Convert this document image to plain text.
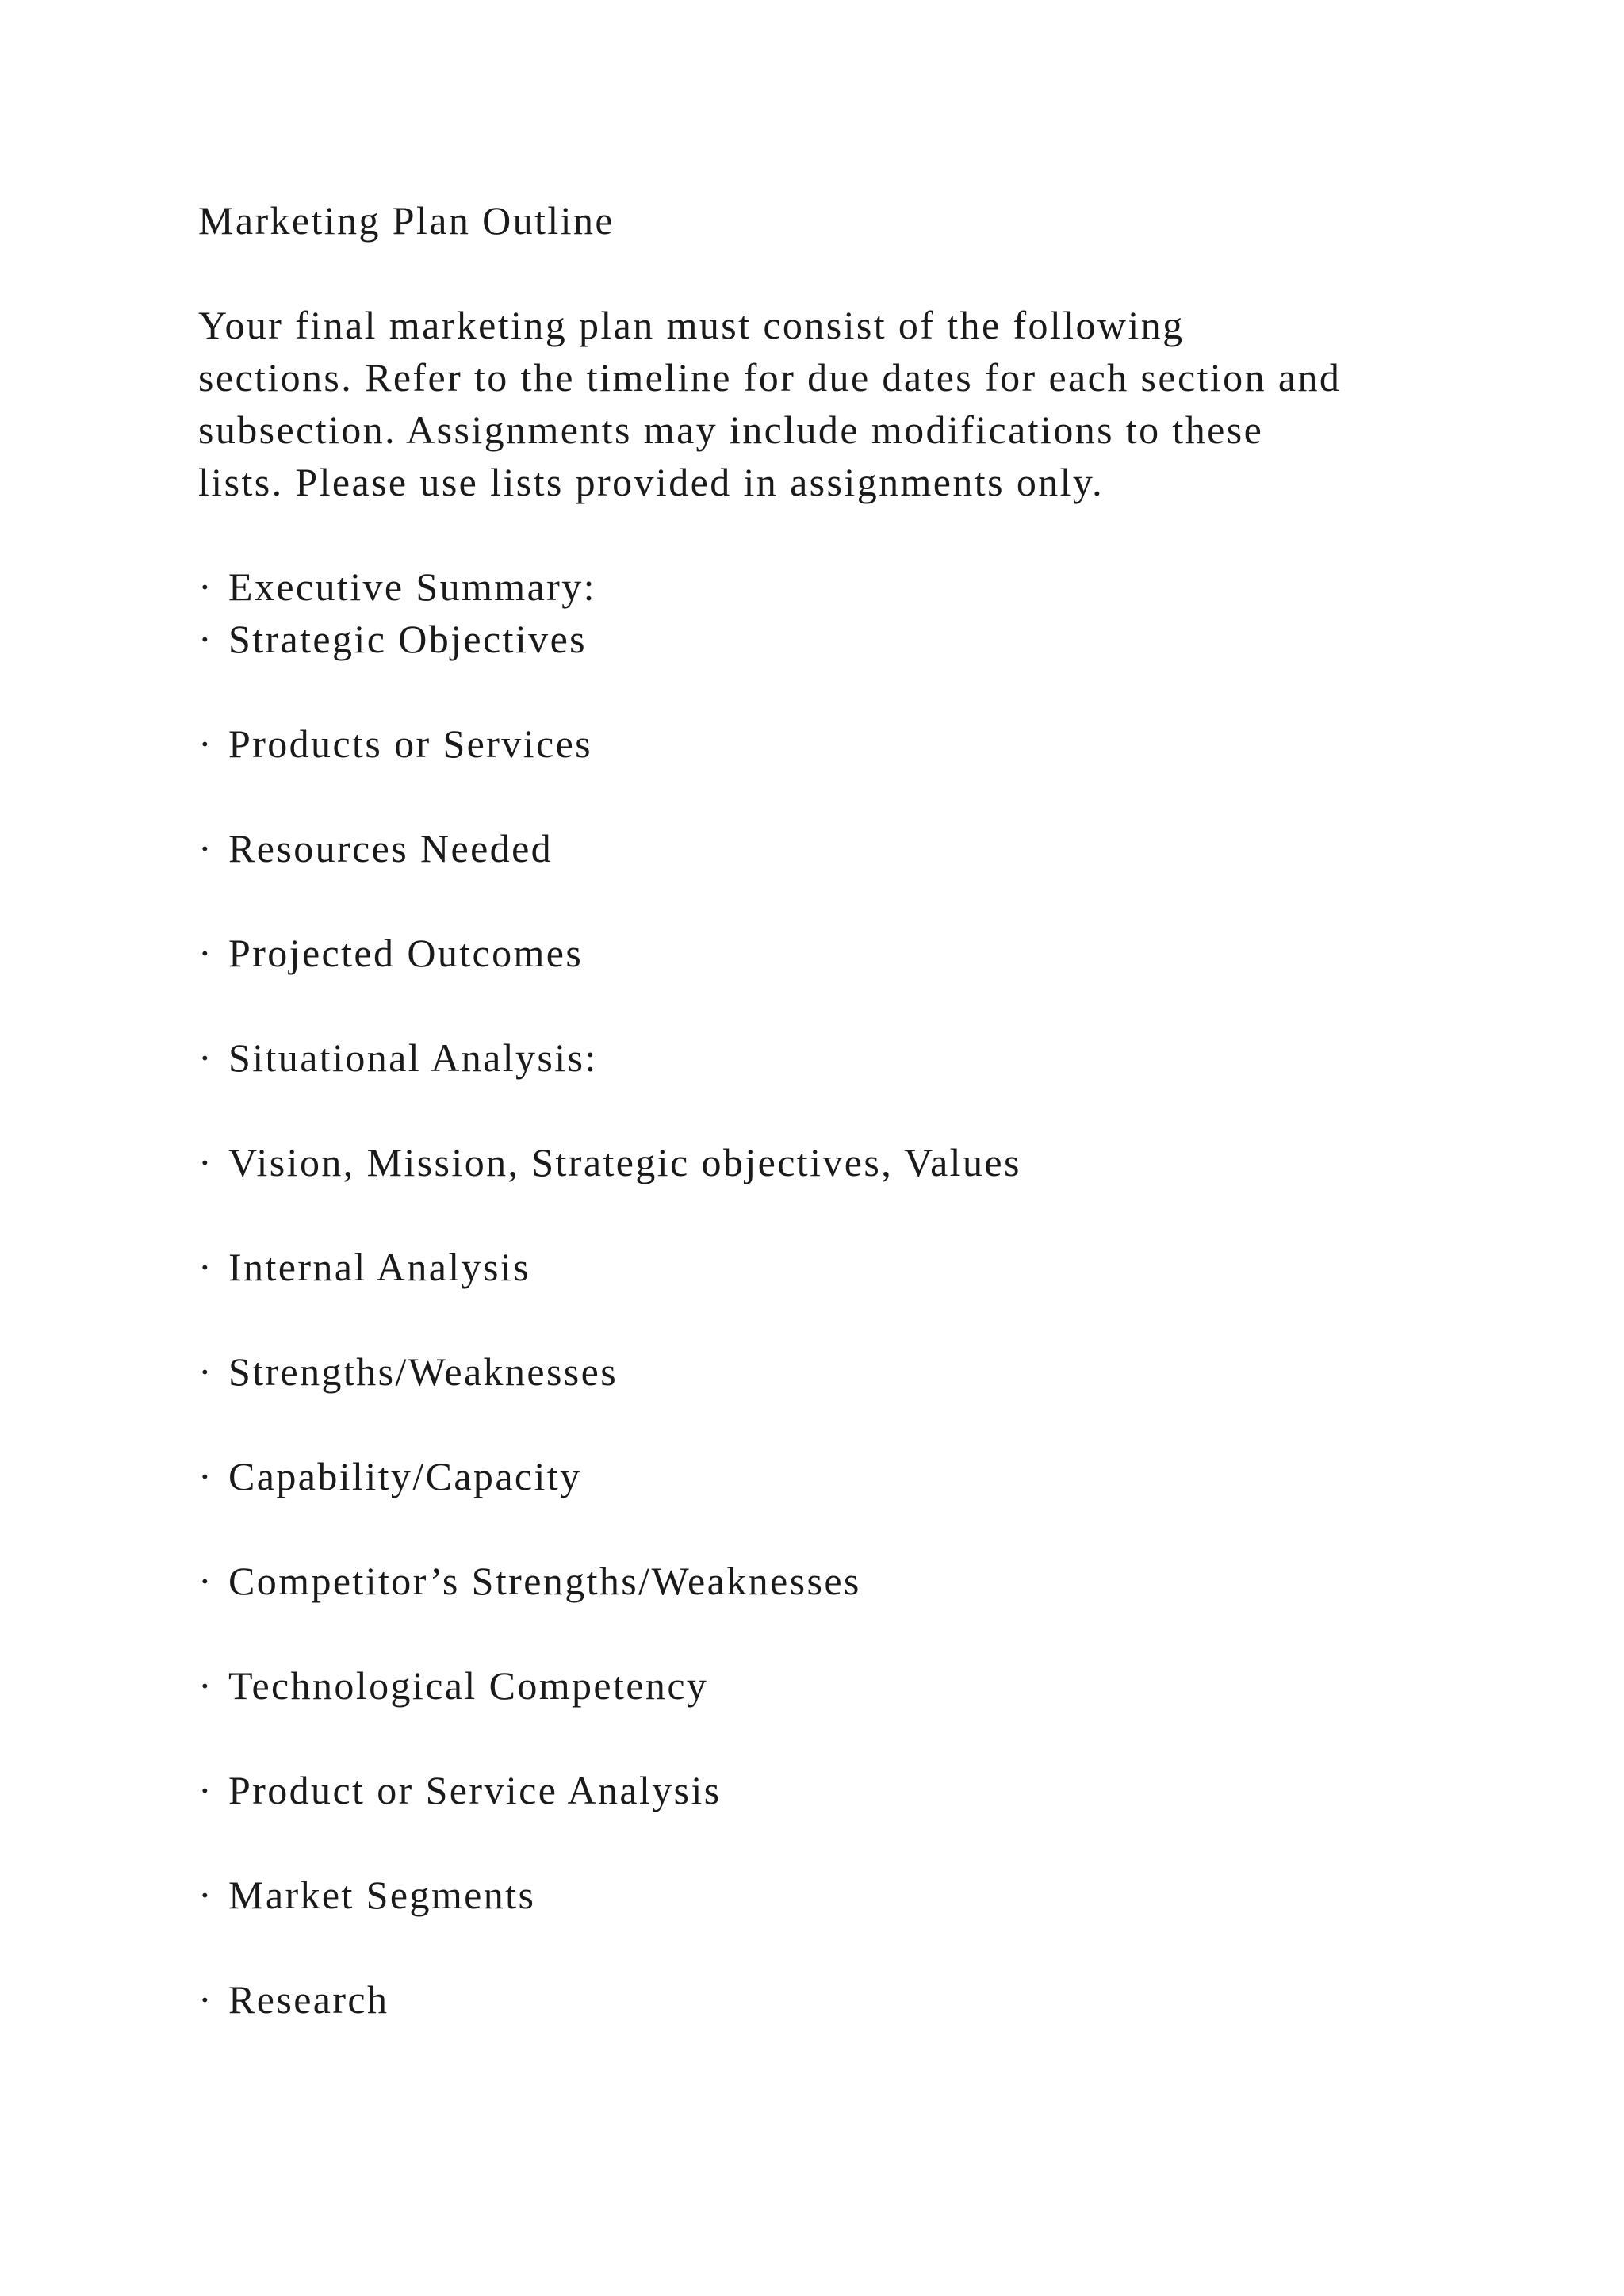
Marketing Plan Outline
Your final marketing plan must consist of the following
sections. Refer to the timeline for due dates for each section and
subsection. Assignments may include modifications to these
lists. Please use lists provided in assignments only.
· Executive Summary:
· Strategic Objectives
· Products or Services
· Resources Needed
· Projected Outcomes
· Situational Analysis:
· Vision, Mission, Strategic objectives, Values
· Internal Analysis
· Strengths/Weaknesses
· Capability/Capacity
· Competitor’s Strengths/Weaknesses
· Technological Competency
· Product or Service Analysis
· Market Segments
· Research
